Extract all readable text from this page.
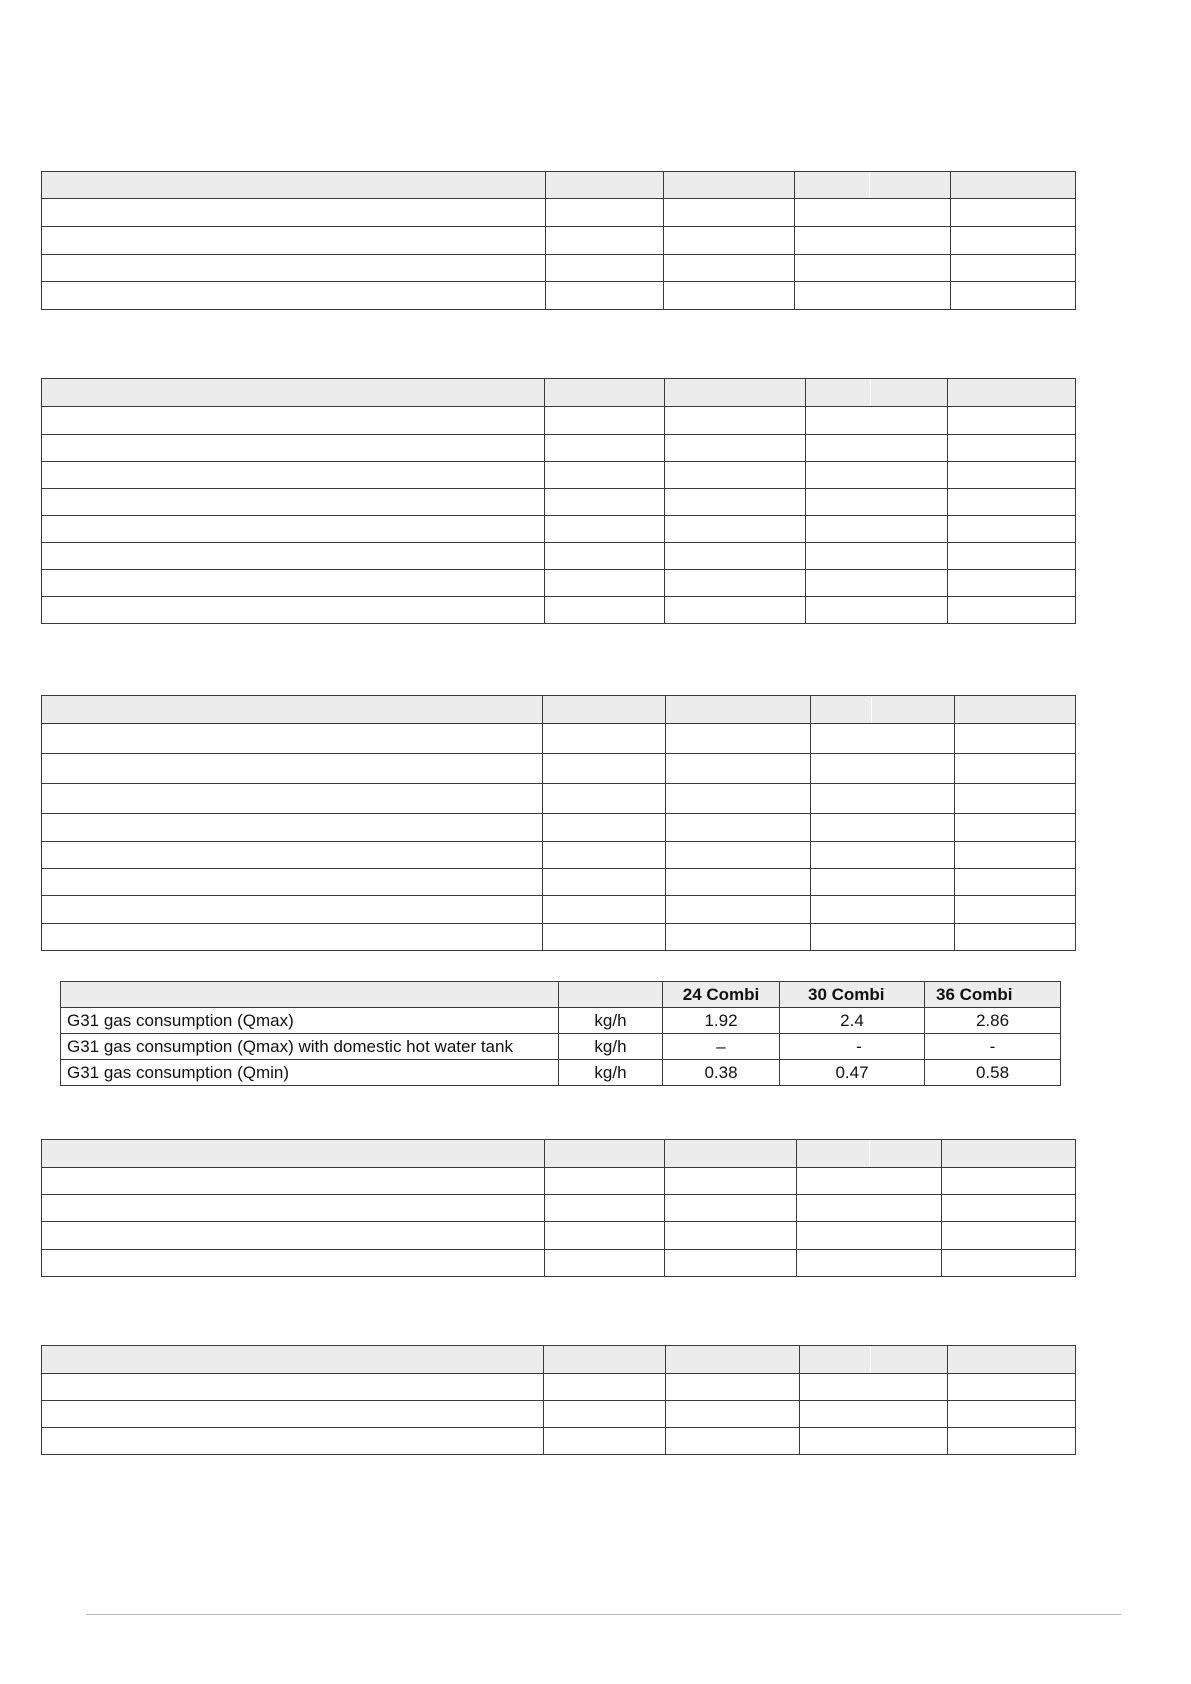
		24 Combi	30 Combi	36 Combi
G31 gas consumption (Qmax)	kg/h	1.92	2.4	2.86
G31 gas consumption (Qmax) with domestic hot water tank	kg/h	–	-	-
G31 gas consumption (Qmin)	kg/h	0.38	0.47	0.58
